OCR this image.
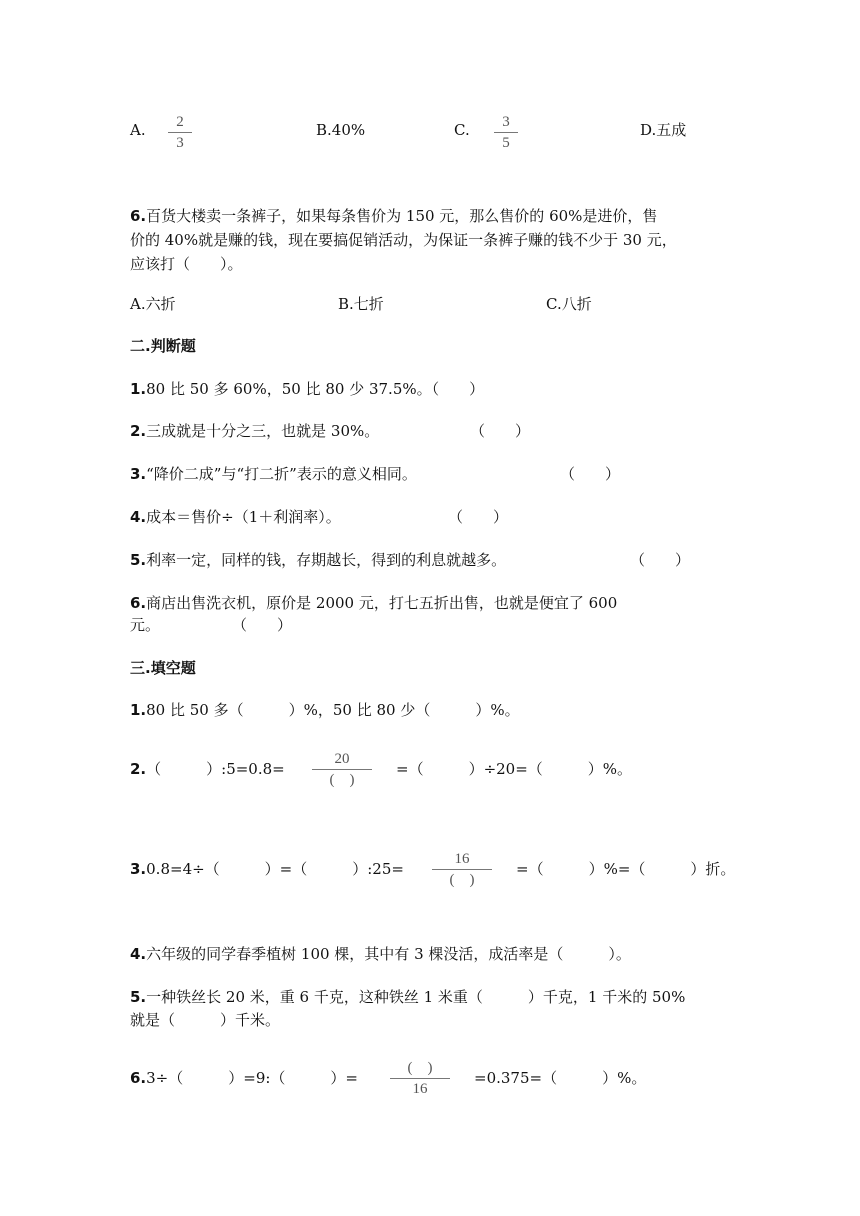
A.	2
3
B.40%	C.	3
5
D.五成
6.百货大楼卖一条裤子，如果每条售价为 150 元，那么售价的 60%是进价，售
价的 40%就是赚的钱，现在要搞促销活动，为保证一条裤子赚的钱不少于 30 元，
应该打（　　）。
A.六折	B.七折	C.八折
二.判断题
1.80 比 50 多 60%，50 比 80 少 37.5%。（　　）
2.三成就是十分之三，也就是 30%。	（　　）
3.“降价二成”与“打二折”表示的意义相同。	（　　）
4.成本＝售价÷（1＋利润率）。	（　　）
5.利率一定，同样的钱，存期越长，得到的利息就越多。	（　　）
6.商店出售洗衣机，原价是 2000 元，打七五折出售，也就是便宜了 600
元。	（　　）
三.填空题
1.80 比 50 多（　　　）%，50 比 80 少（　　　）%。
2.（　　　）:5=0.8=
20
(　)
=（　　　）÷20=（　　　）%。
3.0.8=4÷（　　　）=（　　　）:25=
16
(　)
=（　　　）%=（　　　）折。
4.六年级的同学春季植树 100 棵，其中有 3 棵没活，成活率是（　　　）。
5.一种铁丝长 20 米，重 6 千克，这种铁丝 1 米重（　　　）千克，1 千米的 50%
就是（　　　）千米。
6.3÷（　　　）=9:（　　　）=
(　)
16
=0.375=（　　　）%。
